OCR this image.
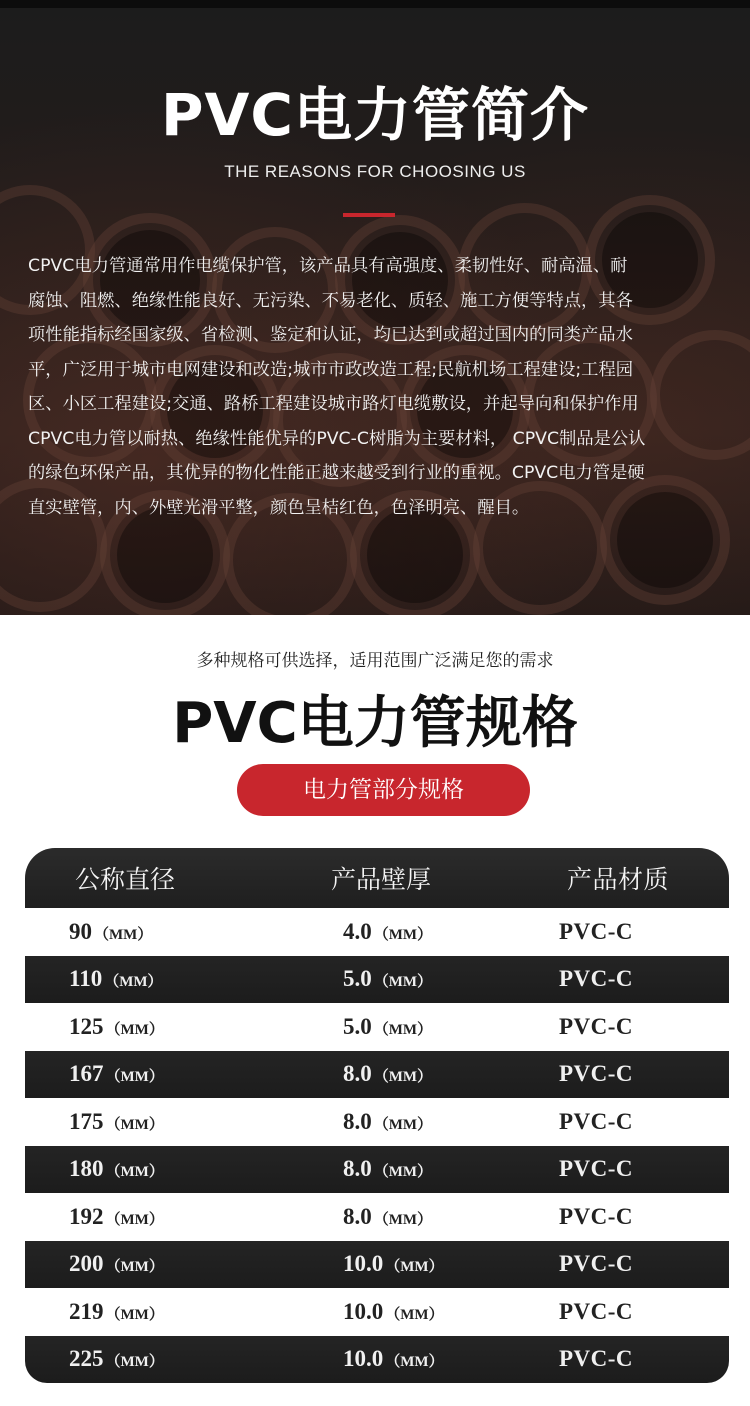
PVC电力管简介
THE REASONS FOR CHOOSING US
CPVC电力管通常用作电缆保护管，该产品具有高强度、柔韧性好、耐高温、耐
腐蚀、阻燃、绝缘性能良好、无污染、不易老化、质轻、施工方便等特点，其各
项性能指标经国家级、省检测、鉴定和认证，均已达到或超过国内的同类产品水
平，广泛用于城市电网建设和改造;城市市政改造工程;民航机场工程建设;工程园
区、小区工程建设;交通、路桥工程建设城市路灯电缆敷设，并起导向和保护作用
CPVC电力管以耐热、绝缘性能优异的PVC-C树脂为主要材料， CPVC制品是公认
的绿色环保产品，其优异的物化性能正越来越受到行业的重视。CPVC电力管是硬
直实壁管，内、外壁光滑平整，颜色呈桔红色，色泽明亮、醒目。
多种规格可供选择，适用范围广泛满足您的需求
PVC电力管规格
电力管部分规格
公称直径	产品壁厚	产品材质
90 （MM）	4.0 （MM）	PVC-C
110 （MM）	5.0 （MM）	PVC-C
125 （MM）	5.0 （MM）	PVC-C
167 （MM）	8.0 （MM）	PVC-C
175 （MM）	8.0 （MM）	PVC-C
180 （MM）	8.0 （MM）	PVC-C
192 （MM）	8.0 （MM）	PVC-C
200 （MM）	10.0 （MM）	PVC-C
219 （MM）	10.0 （MM）	PVC-C
225 （MM）	10.0 （MM）	PVC-C
